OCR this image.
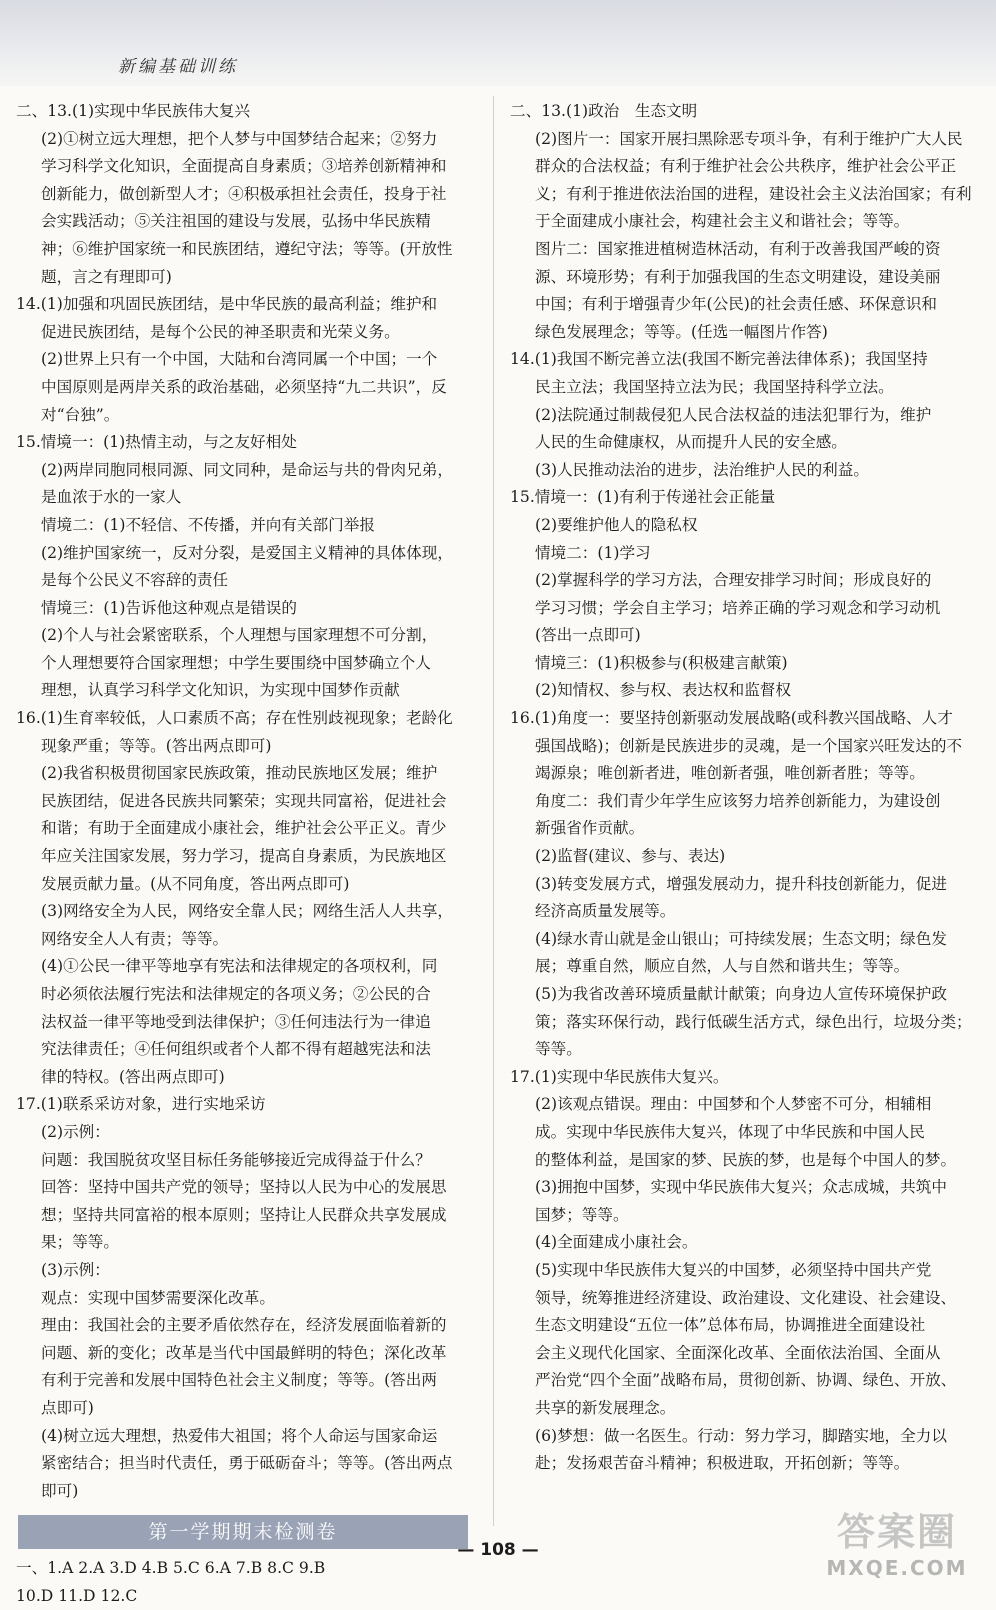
新编基础训练
二、13.(1)实现中华民族伟大复兴
(2)①树立远大理想，把个人梦与中国梦结合起来；②努力
学习科学文化知识，全面提高自身素质；③培养创新精神和
创新能力，做创新型人才；④积极承担社会责任，投身于社
会实践活动；⑤关注祖国的建设与发展，弘扬中华民族精
神；⑥维护国家统一和民族团结，遵纪守法；等等。(开放性
题，言之有理即可)
14.(1)加强和巩固民族团结，是中华民族的最高利益；维护和
促进民族团结，是每个公民的神圣职责和光荣义务。
(2)世界上只有一个中国，大陆和台湾同属一个中国；一个
中国原则是两岸关系的政治基础，必须坚持“九二共识”，反
对“台独”。
15.情境一：(1)热情主动，与之友好相处
(2)两岸同胞同根同源、同文同种，是命运与共的骨肉兄弟，
是血浓于水的一家人
情境二：(1)不轻信、不传播，并向有关部门举报
(2)维护国家统一，反对分裂，是爱国主义精神的具体体现，
是每个公民义不容辞的责任
情境三：(1)告诉他这种观点是错误的
(2)个人与社会紧密联系，个人理想与国家理想不可分割，
个人理想要符合国家理想；中学生要围绕中国梦确立个人
理想，认真学习科学文化知识，为实现中国梦作贡献
16.(1)生育率较低，人口素质不高；存在性别歧视现象；老龄化
现象严重；等等。(答出两点即可)
(2)我省积极贯彻国家民族政策，推动民族地区发展；维护
民族团结，促进各民族共同繁荣；实现共同富裕，促进社会
和谐；有助于全面建成小康社会，维护社会公平正义。青少
年应关注国家发展，努力学习，提高自身素质，为民族地区
发展贡献力量。(从不同角度，答出两点即可)
(3)网络安全为人民，网络安全靠人民；网络生活人人共享，
网络安全人人有责；等等。
(4)①公民一律平等地享有宪法和法律规定的各项权利，同
时必须依法履行宪法和法律规定的各项义务；②公民的合
法权益一律平等地受到法律保护；③任何违法行为一律追
究法律责任；④任何组织或者个人都不得有超越宪法和法
律的特权。(答出两点即可)
17.(1)联系采访对象，进行实地采访
(2)示例：
问题：我国脱贫攻坚目标任务能够接近完成得益于什么？
回答：坚持中国共产党的领导；坚持以人民为中心的发展思
想；坚持共同富裕的根本原则；坚持让人民群众共享发展成
果；等等。
(3)示例：
观点：实现中国梦需要深化改革。
理由：我国社会的主要矛盾依然存在，经济发展面临着新的
问题、新的变化；改革是当代中国最鲜明的特色；深化改革
有利于完善和发展中国特色社会主义制度；等等。(答出两
点即可)
(4)树立远大理想，热爱伟大祖国；将个人命运与国家命运
紧密结合；担当时代责任，勇于砥砺奋斗；等等。(答出两点
即可)
第一学期期末检测卷
一、1.A 2.A 3.D 4.B 5.C 6.A 7.B 8.C 9.B
10.D 11.D 12.C
二、13.(1)政治　生态文明
(2)图片一：国家开展扫黑除恶专项斗争，有利于维护广大人民
群众的合法权益；有利于维护社会公共秩序，维护社会公平正
义；有利于推进依法治国的进程，建设社会主义法治国家；有利
于全面建成小康社会，构建社会主义和谐社会；等等。
图片二：国家推进植树造林活动，有利于改善我国严峻的资
源、环境形势；有利于加强我国的生态文明建设，建设美丽
中国；有利于增强青少年(公民)的社会责任感、环保意识和
绿色发展理念；等等。(任选一幅图片作答)
14.(1)我国不断完善立法(我国不断完善法律体系)；我国坚持
民主立法；我国坚持立法为民；我国坚持科学立法。
(2)法院通过制裁侵犯人民合法权益的违法犯罪行为，维护
人民的生命健康权，从而提升人民的安全感。
(3)人民推动法治的进步，法治维护人民的利益。
15.情境一：(1)有利于传递社会正能量
(2)要维护他人的隐私权
情境二：(1)学习
(2)掌握科学的学习方法，合理安排学习时间；形成良好的
学习习惯；学会自主学习；培养正确的学习观念和学习动机
(答出一点即可)
情境三：(1)积极参与(积极建言献策)
(2)知情权、参与权、表达权和监督权
16.(1)角度一：要坚持创新驱动发展战略(或科教兴国战略、人才
强国战略)；创新是民族进步的灵魂，是一个国家兴旺发达的不
竭源泉；唯创新者进，唯创新者强，唯创新者胜；等等。
角度二：我们青少年学生应该努力培养创新能力，为建设创
新强省作贡献。
(2)监督(建议、参与、表达)
(3)转变发展方式，增强发展动力，提升科技创新能力，促进
经济高质量发展等。
(4)绿水青山就是金山银山；可持续发展；生态文明；绿色发
展；尊重自然，顺应自然，人与自然和谐共生；等等。
(5)为我省改善环境质量献计献策；向身边人宣传环境保护政
策；落实环保行动，践行低碳生活方式，绿色出行，垃圾分类；
等等。
17.(1)实现中华民族伟大复兴。
(2)该观点错误。理由：中国梦和个人梦密不可分，相辅相
成。实现中华民族伟大复兴，体现了中华民族和中国人民
的整体利益，是国家的梦、民族的梦，也是每个中国人的梦。
(3)拥抱中国梦，实现中华民族伟大复兴；众志成城，共筑中
国梦；等等。
(4)全面建成小康社会。
(5)实现中华民族伟大复兴的中国梦，必须坚持中国共产党
领导，统筹推进经济建设、政治建设、文化建设、社会建设、
生态文明建设“五位一体”总体布局，协调推进全面建设社
会主义现代化国家、全面深化改革、全面依法治国、全面从
严治党“四个全面”战略布局，贯彻创新、协调、绿色、开放、
共享的新发展理念。
(6)梦想：做一名医生。行动：努力学习，脚踏实地，全力以
赴；发扬艰苦奋斗精神；积极进取，开拓创新；等等。
— 108 —	答案圈
MXQE.COM
